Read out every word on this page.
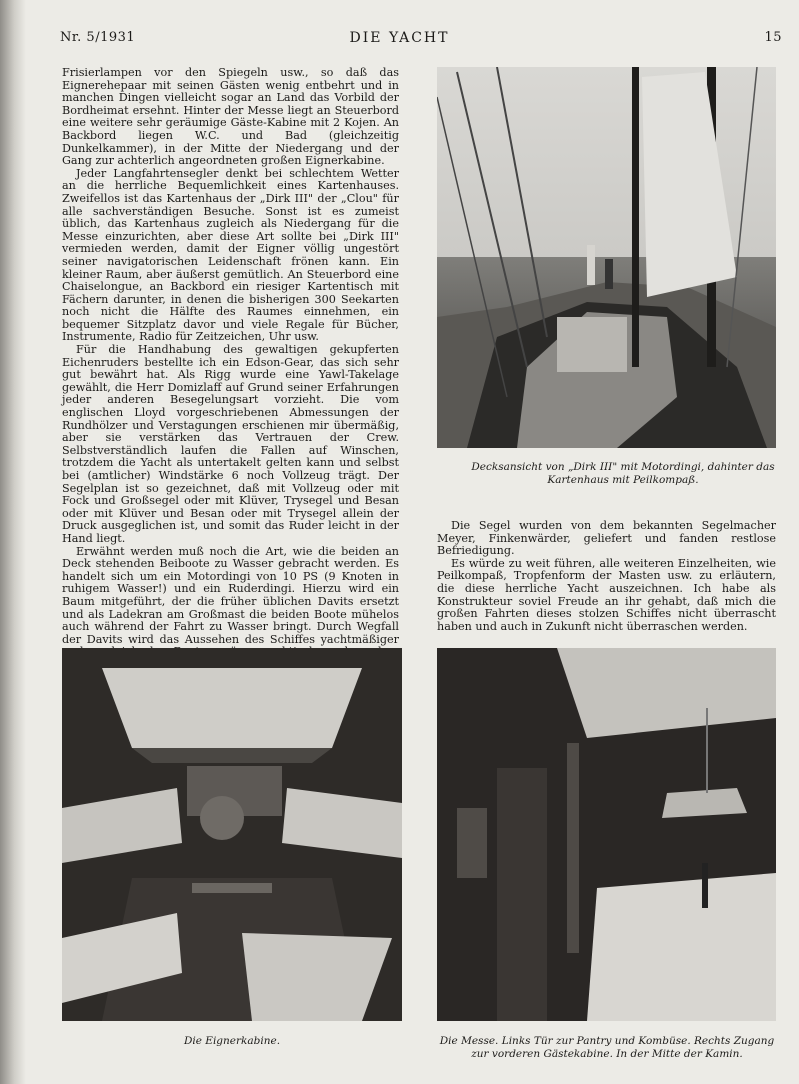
Nr. 5/1931	DIE YACHT	15

Frisierlampen vor den Spiegeln usw., so daß das Eignerehepaar mit seinen Gästen wenig entbehrt und in manchen Dingen vielleicht sogar an Land das Vorbild der Bordheimat ersehnt. Hinter der Messe liegt an Steuerbord eine weitere sehr geräumige Gäste-Kabine mit 2 Kojen. An Backbord liegen W.C. und Bad (gleichzeitig Dunkelkammer), in der Mitte der Niedergang und der Gang zur achterlich angeordneten großen Eignerkabine.

Jeder Langfahrtensegler denkt bei schlechtem Wetter an die herrliche Bequemlichkeit eines Kartenhauses. Zweifellos ist das Kartenhaus der „Dirk III" der „Clou" für alle sachverständigen Besuche. Sonst ist es zumeist üblich, das Kartenhaus zugleich als Niedergang für die Messe einzurichten, aber diese Art sollte bei „Dirk III" vermieden werden, damit der Eigner völlig ungestört seiner navigatorischen Leidenschaft frönen kann. Ein kleiner Raum, aber äußerst gemütlich. An Steuerbord eine Chaiselongue, an Backbord ein riesiger Kartentisch mit Fächern darunter, in denen die bisherigen 300 Seekarten noch nicht die Hälfte des Raumes einnehmen, ein bequemer Sitzplatz davor und viele Regale für Bücher, Instrumente, Radio für Zeitzeichen, Uhr usw.

Für die Handhabung des gewaltigen gekupferten Eichenruders bestellte ich ein Edson-Gear, das sich sehr gut bewährt hat. Als Rigg wurde eine Yawl-Takelage gewählt, die Herr Domizlaff auf Grund seiner Erfahrungen jeder anderen Besegelungsart vorzieht. Die vom englischen Lloyd vorgeschriebenen Abmessungen der Rundhölzer und Verstagungen erschienen mir übermäßig, aber sie verstärken das Vertrauen der Crew. Selbstverständlich laufen die Fallen auf Winschen, trotzdem die Yacht als untertakelt gelten kann und selbst bei (amtlicher) Windstärke 6 noch Vollzeug trägt. Der Segelplan ist so gezeichnet, daß mit Vollzeug oder mit Fock und Großsegel oder mit Klüver, Trysegel und Besan oder mit Klüver und Besan oder mit Trysegel allein der Druck ausgeglichen ist, und somit das Ruder leicht in der Hand liegt.

Erwähnt werden muß noch die Art, wie die beiden an Deck stehenden Beiboote zu Wasser gebracht werden. Es handelt sich um ein Motordingi von 10 PS (9 Knoten in ruhigem Wasser!) und ein Ruderdingi. Hierzu wird ein Baum mitgeführt, der die früher üblichen Davits ersetzt und als Ladekran am Großmast die beiden Boote mühelos auch während der Fahrt zu Wasser bringt. Durch Wegfall der Davits wird das Aussehen des Schiffes yachtmäßiger

Decksansicht von „Dirk III" mit Motordingi, dahinter das Kartenhaus mit Peilkompaß.

Die Segel wurden von dem bekannten Segelmacher Meyer, Finkenwärder, geliefert und fanden restlose Befriedigung.

Es würde zu weit führen, alle weiteren Einzelheiten, wie Peilkompaß, Tropfenform der Masten usw. zu erläutern, die diese herrliche Yacht auszeichnen. Ich habe als Konstrukteur soviel Freude an ihr gehabt, daß mich die großen Fahrten dieses stolzen Schiffes nicht überrascht haben und auch in Zukunft nicht überraschen werden.

Die Eignerkabine.	Die Messe. Links Tür zur Pantry und Kombüse. Rechts Zugang zur vorderen Gästekabine. In der Mitte der Kamin.
